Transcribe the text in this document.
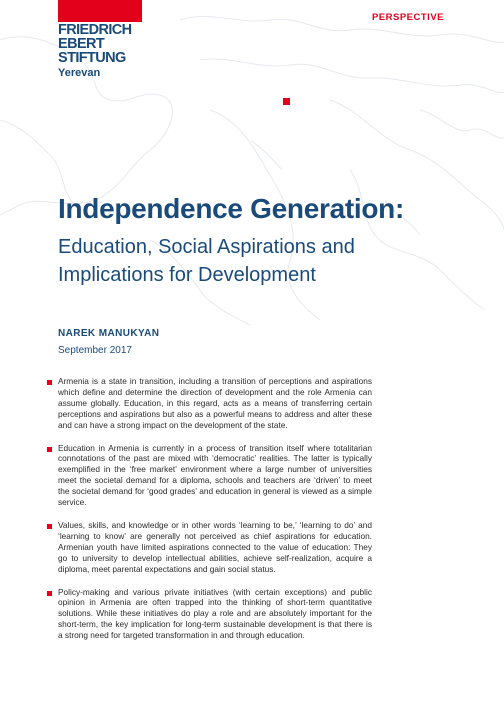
FRIEDRICH
EBERT
STIFTUNG
Yerevan
PERSPECTIVE
Independence Generation:
Education, Social Aspirations and Implications for Development
NAREK MANUKYAN
September 2017
Armenia is a state in transition, including a transition of perceptions and aspirations which define and determine the direction of development and the role Armenia can assume globally. Education, in this regard, acts as a means of transferring certain perceptions and aspirations but also as a powerful means to address and alter these and can have a strong impact on the development of the state.
Education in Armenia is currently in a process of transition itself where totalitarian connotations of the past are mixed with ‘democratic’ realities. The latter is typically exemplified in the ‘free market’ environment where a large number of universities meet the societal demand for a diploma, schools and teachers are ‘driven’ to meet the societal demand for ‘good grades’ and education in general is viewed as a simple service.
Values, skills, and knowledge or in other words ‘learning to be,’ ‘learning to do’ and ‘learning to know’ are generally not perceived as chief aspirations for education. Armenian youth have limited aspirations connected to the value of education: They go to university to develop intellectual abilities, achieve self-realization, acquire a diploma, meet parental expectations and gain social status.
Policy-making and various private initiatives (with certain exceptions) and public opinion in Armenia are often trapped into the thinking of short-term quantitative solutions. While these initiatives do play a role and are absolutely important for the short-term, the key implication for long-term sustainable development is that there is a strong need for targeted transformation in and through education.
